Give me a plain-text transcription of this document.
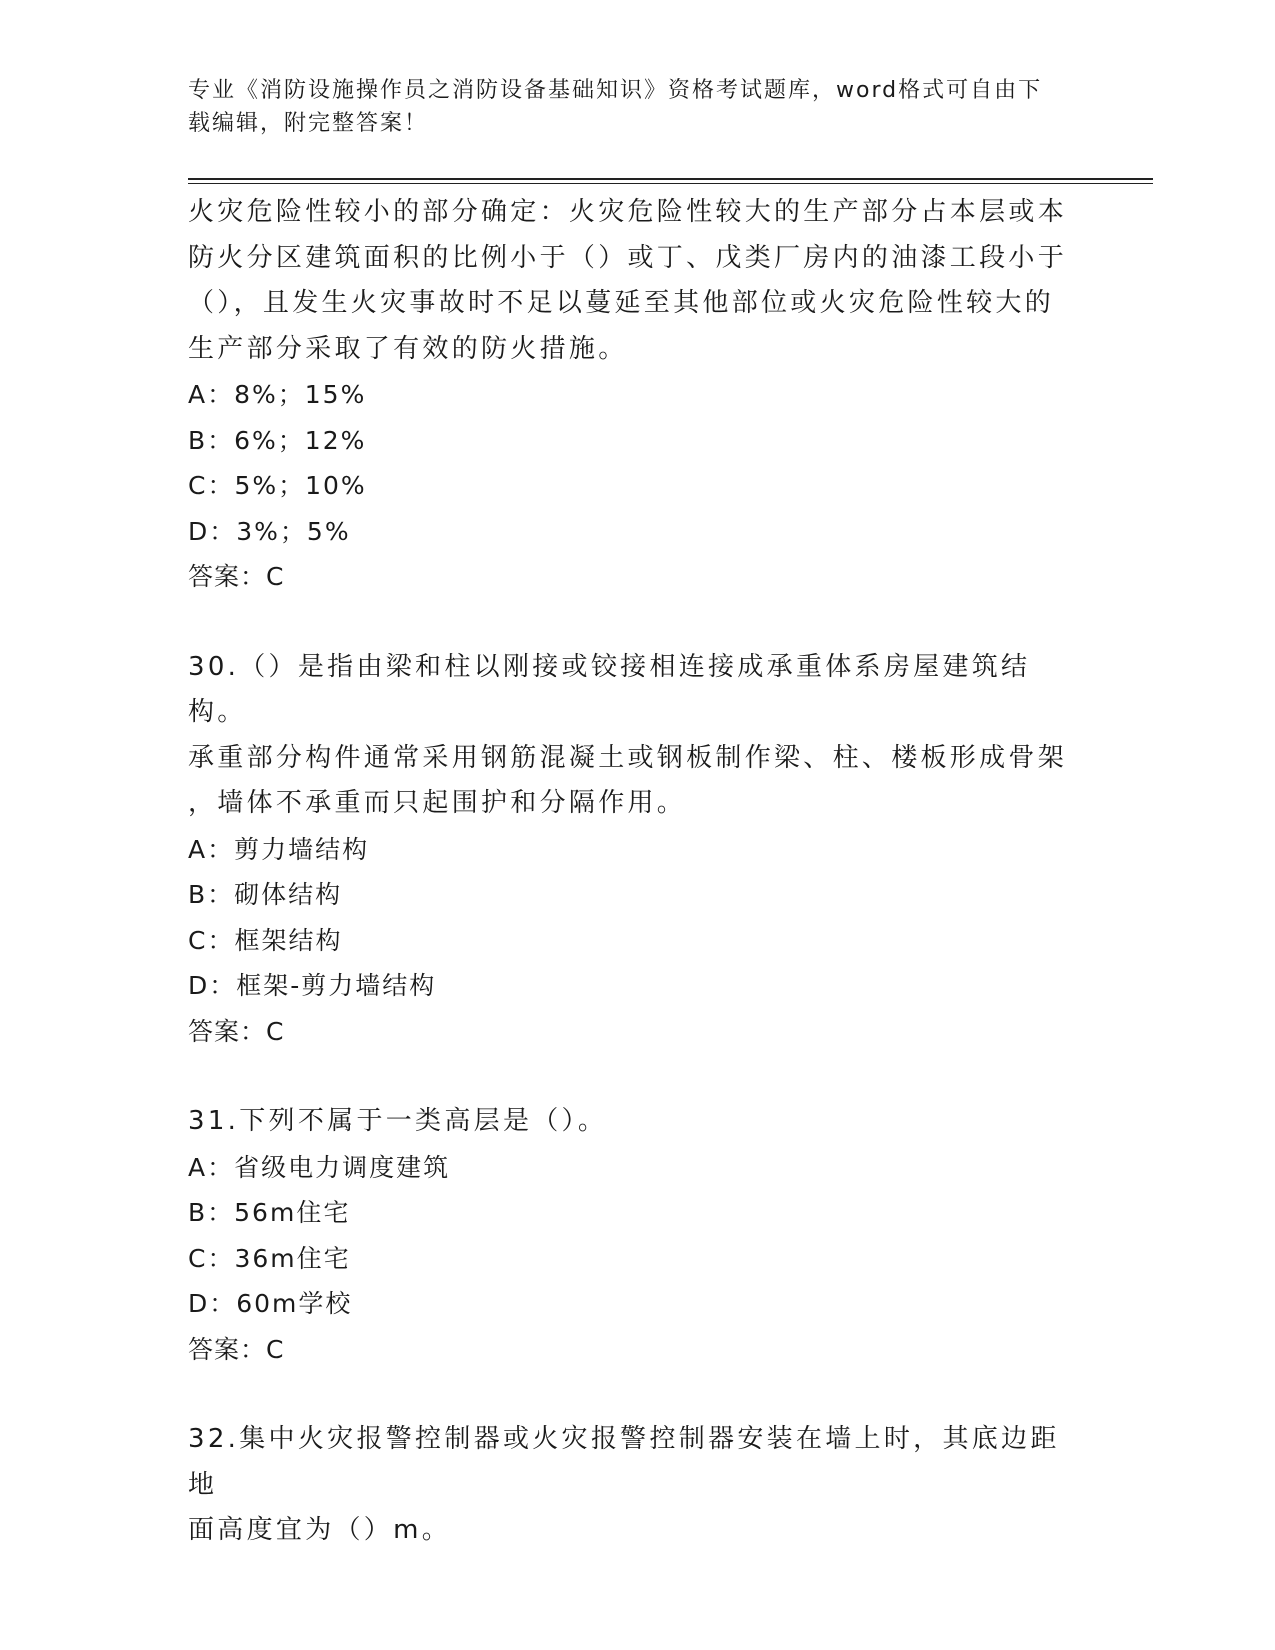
专业《消防设施操作员之消防设备基础知识》资格考试题库，word格式可自由下
载编辑，附完整答案！
火灾危险性较小的部分确定：火灾危险性较大的生产部分占本层或本
防火分区建筑面积的比例小于（）或丁、戊类厂房内的油漆工段小于
（），且发生火灾事故时不足以蔓延至其他部位或火灾危险性较大的
生产部分采取了有效的防火措施。
A：8%；15%
B：6%；12%
C：5%；10%
D：3%；5%
答案：C
30.（）是指由梁和柱以刚接或铰接相连接成承重体系房屋建筑结构。
承重部分构件通常采用钢筋混凝土或钢板制作梁、柱、楼板形成骨架
，墙体不承重而只起围护和分隔作用。
A：剪力墙结构
B：砌体结构
C：框架结构
D：框架-剪力墙结构
答案：C
31.下列不属于一类高层是（）。
A：省级电力调度建筑
B：56m住宅
C：36m住宅
D：60m学校
答案：C
32.集中火灾报警控制器或火灾报警控制器安装在墙上时，其底边距地
面高度宜为（）m。
